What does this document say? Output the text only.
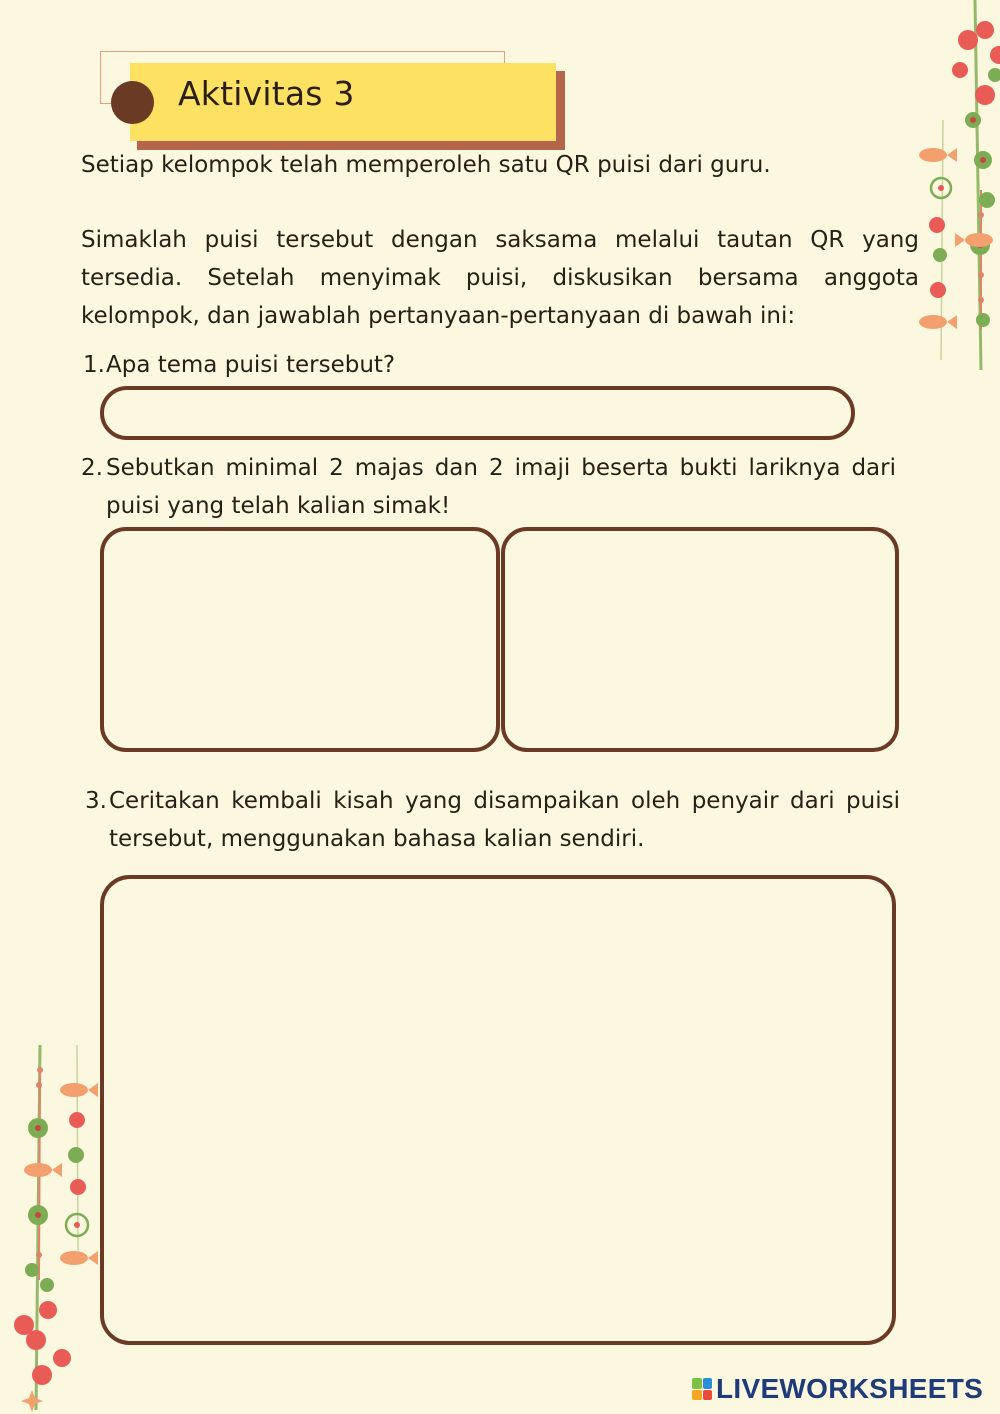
Aktivitas 3

Setiap kelompok telah memperoleh satu QR puisi dari guru.

Simaklah puisi tersebut dengan saksama melalui tautan QR yang tersedia. Setelah menyimak puisi, diskusikan bersama anggota kelompok, dan jawablah pertanyaan-pertanyaan di bawah ini:

1. Apa tema puisi tersebut?
2. Sebutkan minimal 2 majas dan 2 imaji beserta bukti lariknya dari puisi yang telah kalian simak!
3. Ceritakan kembali kisah yang disampaikan oleh penyair dari puisi tersebut, menggunakan bahasa kalian sendiri.
LIVEWORKSHEETS
